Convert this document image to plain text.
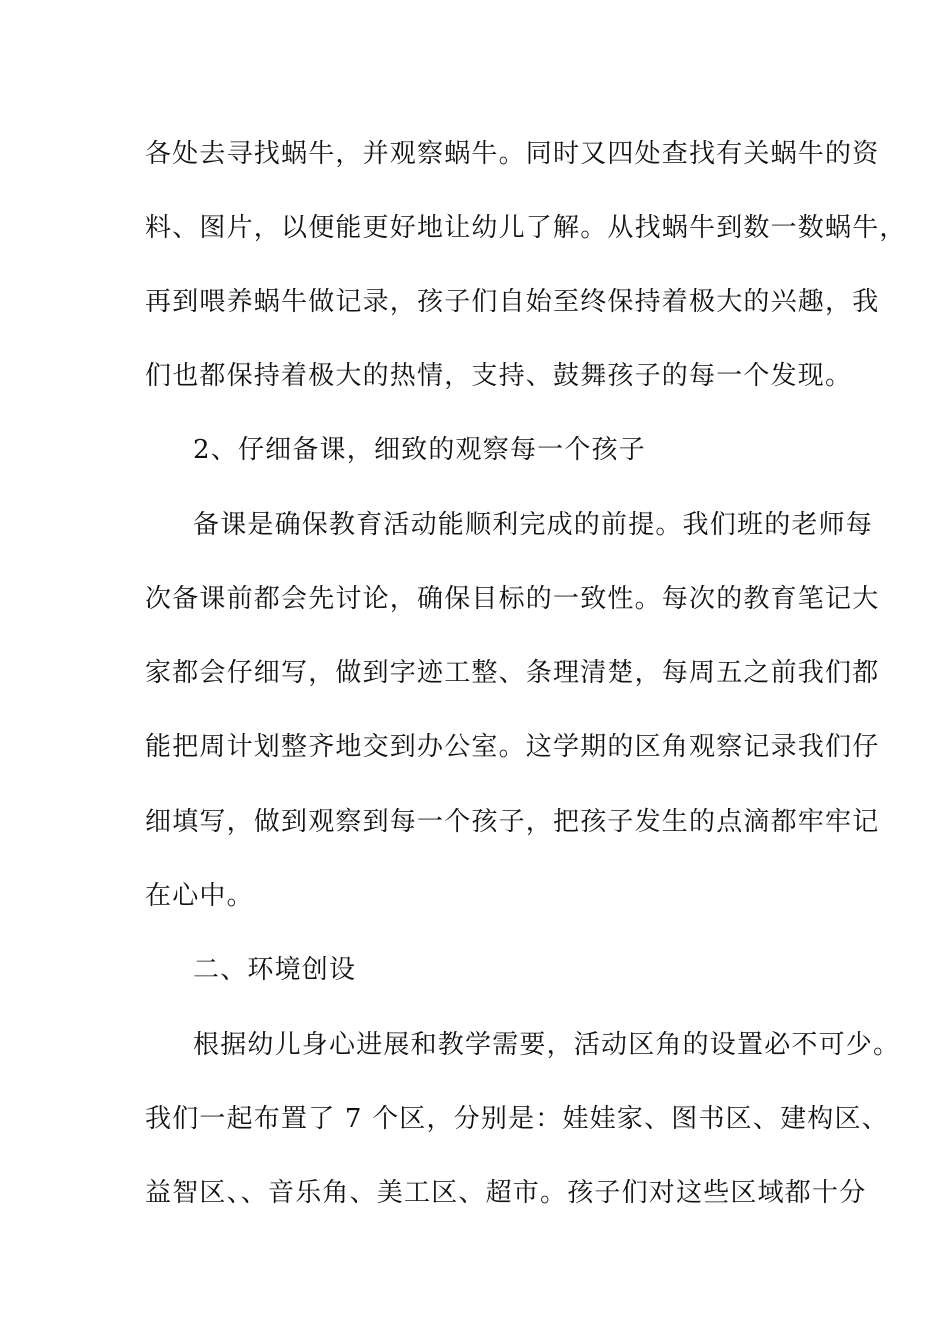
各处去寻找蜗牛，并观察蜗牛。同时又四处查找有关蜗牛的资
料、图片，以便能更好地让幼儿了解。从找蜗牛到数一数蜗牛，
再到喂养蜗牛做记录，孩子们自始至终保持着极大的兴趣，我
们也都保持着极大的热情，支持、鼓舞孩子的每一个发现。
2、仔细备课，细致的观察每一个孩子
备课是确保教育活动能顺利完成的前提。我们班的老师每
次备课前都会先讨论，确保目标的一致性。每次的教育笔记大
家都会仔细写，做到字迹工整、条理清楚，每周五之前我们都
能把周计划整齐地交到办公室。这学期的区角观察记录我们仔
细填写，做到观察到每一个孩子，把孩子发生的点滴都牢牢记
在心中。
二、环境创设
根据幼儿身心进展和教学需要，活动区角的设置必不可少。
我们一起布置了 7 个区，分别是：娃娃家、图书区、建构区、
益智区、、音乐角、美工区、超市。孩子们对这些区域都十分
